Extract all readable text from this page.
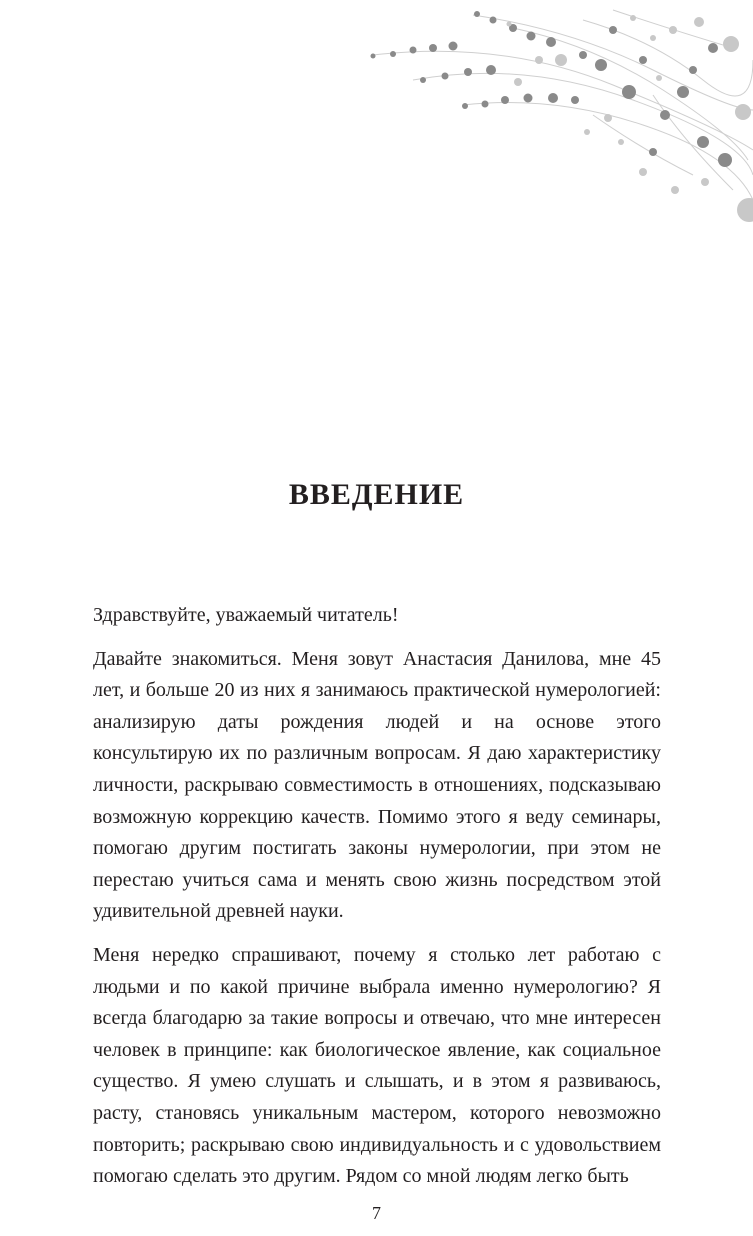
ВВЕДЕНИЕ

Здравствуйте, уважаемый читатель!

Давайте знакомиться. Меня зовут Анастасия Данилова, мне 45 лет, и больше 20 из них я занимаюсь практической нумерологией: анализирую даты рождения людей и на основе этого консультирую их по различным вопросам. Я даю характеристику личности, раскрываю совместимость в отношениях, подсказываю возможную коррекцию качеств. Помимо этого я веду семинары, помогаю другим постигать законы нумерологии, при этом не перестаю учиться сама и менять свою жизнь посредством этой удивительной древней науки.

Меня нередко спрашивают, почему я столько лет работаю с людьми и по какой причине выбрала именно нумерологию? Я всегда благодарю за такие вопросы и отвечаю, что мне интересен человек в принципе: как биологическое явление, как социальное существо. Я умею слушать и слышать, и в этом я развиваюсь, расту, становясь уникальным мастером, которого невозможно повторить; раскрываю свою индивидуальность и с удовольствием помогаю сделать это другим. Рядом со мной людям легко быть

7
